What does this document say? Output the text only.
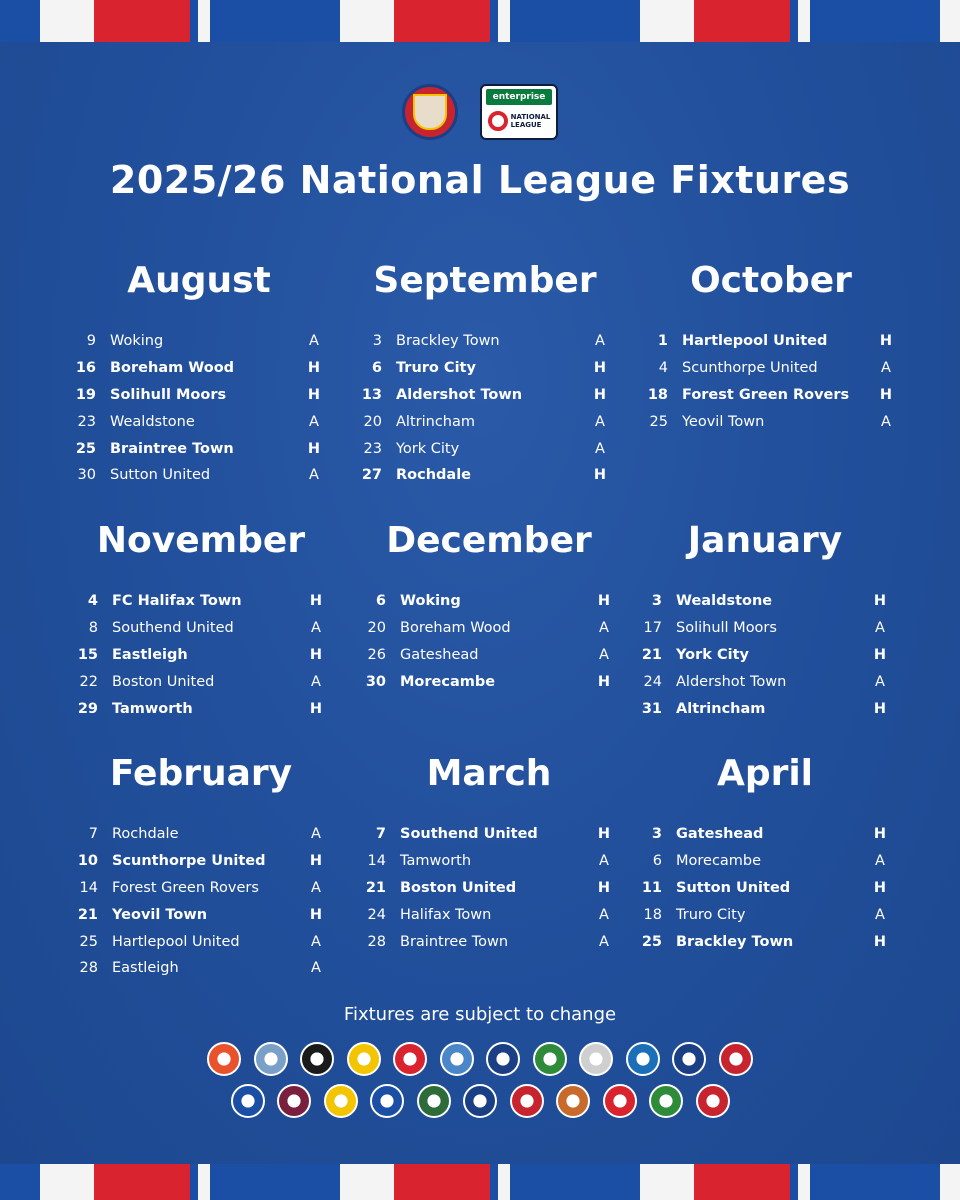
enterprise
NATIONAL
LEAGUE
2025/26 National League Fixtures
August
9 Woking	A
16 Boreham Wood	H
19 Solihull Moors	H
23 Wealdstone	A
25 Braintree Town	H
30 Sutton United	A
September
3 Brackley Town	A
6 Truro City	H
13 Aldershot Town	H
20 Altrincham	A
23 York City	A
27 Rochdale	H
October
1 Hartlepool United	H
4 Scunthorpe United	A
18 Forest Green Rovers	H
25 Yeovil Town	A
November
4 FC Halifax Town	H
8 Southend United	A
15 Eastleigh	H
22 Boston United	A
29 Tamworth	H
December
6 Woking	H
20 Boreham Wood	A
26 Gateshead	A
30 Morecambe	H
January
3 Wealdstone	H
17 Solihull Moors	A
21 York City	H
24 Aldershot Town	A
31 Altrincham	H
February
7 Rochdale	A
10 Scunthorpe United	H
14 Forest Green Rovers	A
21 Yeovil Town	H
25 Hartlepool United	A
28 Eastleigh	A
March
7 Southend United	H
14 Tamworth	A
21 Boston United	H
24 Halifax Town	A
28 Braintree Town	A
April
3 Gateshead	H
6 Morecambe	A
11 Sutton United	H
18 Truro City	A
25 Brackley Town	H
Fixtures are subject to change
